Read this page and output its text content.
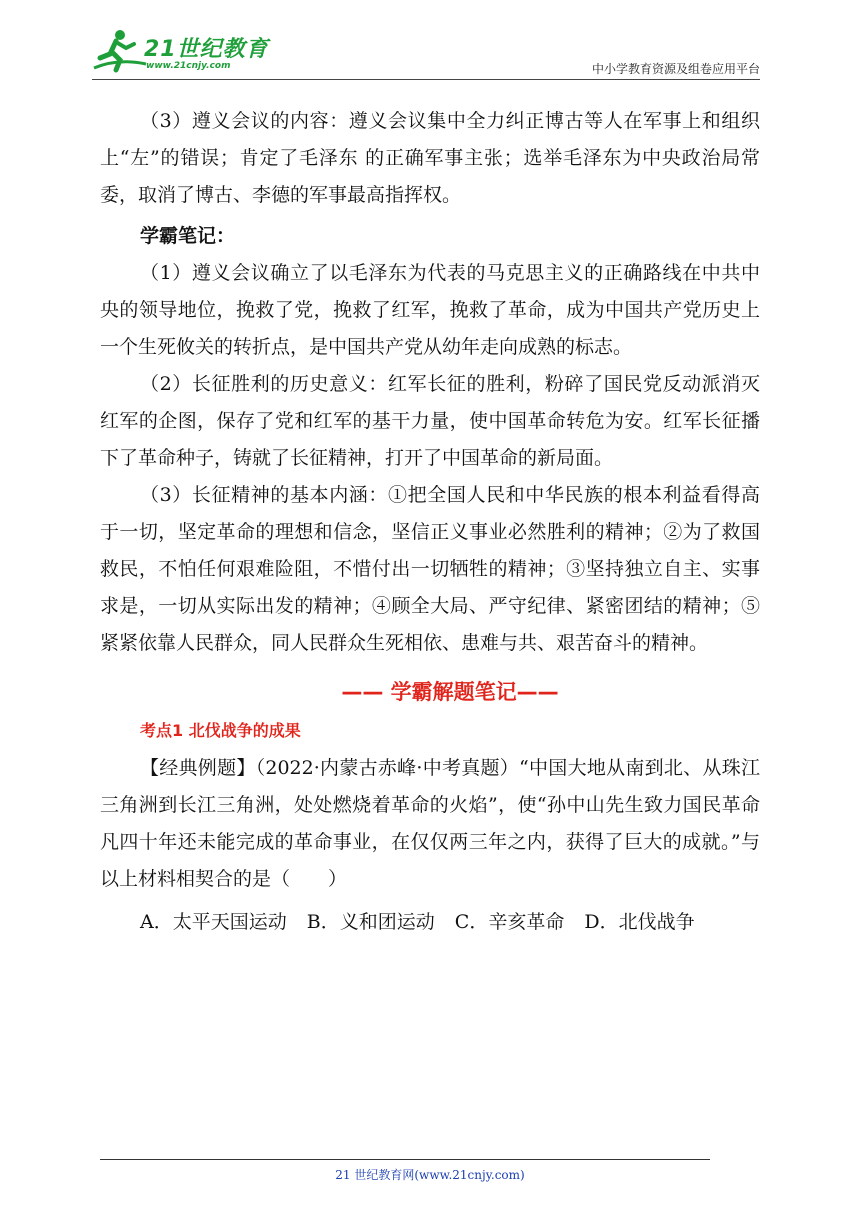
21世纪教育
www.21cnjy.com	中小学教育资源及组卷应用平台

（3）遵义会议的内容：遵义会议集中全力纠正博古等人在军事上和组织上“左”的错误；肯定了毛泽东 的正确军事主张；选举毛泽东为中央政治局常委，取消了博古、李德的军事最高指挥权。

学霸笔记：

（1）遵义会议确立了以毛泽东为代表的马克思主义的正确路线在中共中央的领导地位，挽救了党，挽救了红军，挽救了革命，成为中国共产党历史上一个生死攸关的转折点，是中国共产党从幼年走向成熟的标志。

（2）长征胜利的历史意义：红军长征的胜利，粉碎了国民党反动派消灭红军的企图，保存了党和红军的基干力量，使中国革命转危为安。红军长征播下了革命种子，铸就了长征精神，打开了中国革命的新局面。

（3）长征精神的基本内涵：①把全国人民和中华民族的根本利益看得高于一切，坚定革命的理想和信念，坚信正义事业必然胜利的精神；②为了救国救民，不怕任何艰难险阻，不惜付出一切牺牲的精神；③坚持独立自主、实事求是，一切从实际出发的精神；④顾全大局、严守纪律、紧密团结的精神；⑤紧紧依靠人民群众，同人民群众生死相依、患难与共、艰苦奋斗的精神。

—— 学霸解题笔记——

考点1 北伐战争的成果

【经典例题】（2022·内蒙古赤峰·中考真题）“中国大地从南到北、从珠江三角洲到长江三角洲，处处燃烧着革命的火焰”，使“孙中山先生致力国民革命凡四十年还未能完成的革命事业，在仅仅两三年之内，获得了巨大的成就。”与以上材料相契合的是（　　）

A．太平天国运动 B．义和团运动 C．辛亥革命 D．北伐战争

21 世纪教育网(www.21cnjy.com)
